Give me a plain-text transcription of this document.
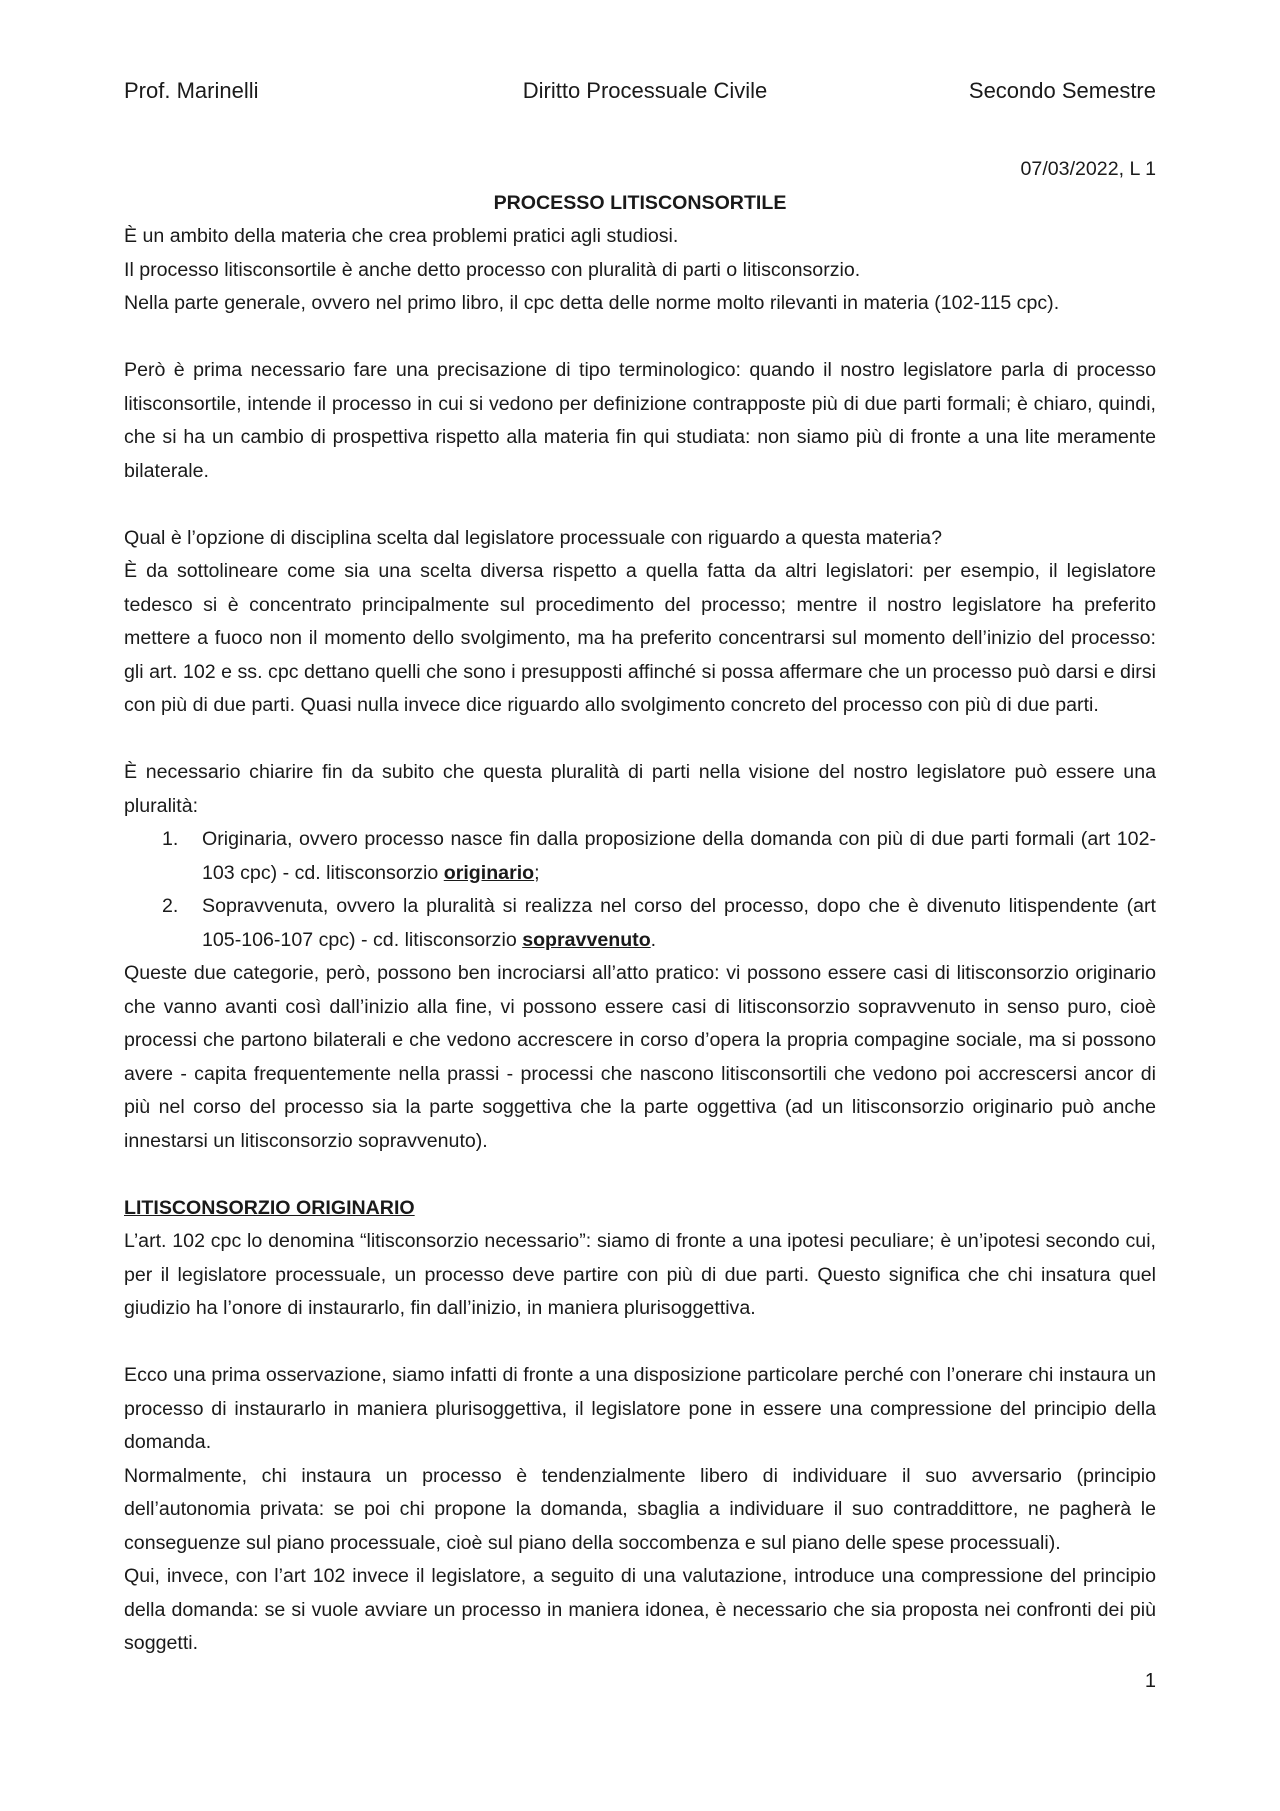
Prof. Marinelli	Diritto Processuale Civile	Secondo Semestre

07/03/2022, L 1

PROCESSO LITISCONSORTILE

È un ambito della materia che crea problemi pratici agli studiosi.

Il processo litisconsortile è anche detto processo con pluralità di parti o litisconsorzio.

Nella parte generale, ovvero nel primo libro, il cpc detta delle norme molto rilevanti in materia (102-115 cpc).

Però è prima necessario fare una precisazione di tipo terminologico: quando il nostro legislatore parla di processo litisconsortile, intende il processo in cui si vedono per definizione contrapposte più di due parti formali; è chiaro, quindi, che si ha un cambio di prospettiva rispetto alla materia fin qui studiata: non siamo più di fronte a una lite meramente bilaterale.

Qual è l’opzione di disciplina scelta dal legislatore processuale con riguardo a questa materia?

È da sottolineare come sia una scelta diversa rispetto a quella fatta da altri legislatori: per esempio, il legislatore tedesco si è concentrato principalmente sul procedimento del processo; mentre il nostro legislatore ha preferito mettere a fuoco non il momento dello svolgimento, ma ha preferito concentrarsi sul momento dell’inizio del processo: gli art. 102 e ss. cpc dettano quelli che sono i presupposti affinché si possa affermare che un processo può darsi e dirsi con più di due parti. Quasi nulla invece dice riguardo allo svolgimento concreto del processo con più di due parti.

È necessario chiarire fin da subito che questa pluralità di parti nella visione del nostro legislatore può essere una pluralità:

1. Originaria, ovvero processo nasce fin dalla proposizione della domanda con più di due parti formali (art 102-103 cpc) - cd. litisconsorzio originario;
2. Sopravvenuta, ovvero la pluralità si realizza nel corso del processo, dopo che è divenuto litispendente (art 105-106-107 cpc) - cd. litisconsorzio sopravvenuto.

Queste due categorie, però, possono ben incrociarsi all’atto pratico: vi possono essere casi di litisconsorzio originario che vanno avanti così dall’inizio alla fine, vi possono essere casi di litisconsorzio sopravvenuto in senso puro, cioè processi che partono bilaterali e che vedono accrescere in corso d’opera la propria compagine sociale, ma si possono avere - capita frequentemente nella prassi - processi che nascono litisconsortili che vedono poi accrescersi ancor di più nel corso del processo sia la parte soggettiva che la parte oggettiva (ad un litisconsorzio originario può anche innestarsi un litisconsorzio sopravvenuto).

LITISCONSORZIO ORIGINARIO

L’art. 102 cpc lo denomina “litisconsorzio necessario”: siamo di fronte a una ipotesi peculiare; è un’ipotesi secondo cui, per il legislatore processuale, un processo deve partire con più di due parti. Questo significa che chi insatura quel giudizio ha l’onore di instaurarlo, fin dall’inizio, in maniera plurisoggettiva.

Ecco una prima osservazione, siamo infatti di fronte a una disposizione particolare perché con l’onerare chi instaura un processo di instaurarlo in maniera plurisoggettiva, il legislatore pone in essere una compressione del principio della domanda.

Normalmente, chi instaura un processo è tendenzialmente libero di individuare il suo avversario (principio dell’autonomia privata: se poi chi propone la domanda, sbaglia a individuare il suo contraddittore, ne pagherà le conseguenze sul piano processuale, cioè sul piano della soccombenza e sul piano delle spese processuali).

Qui, invece, con l’art 102 invece il legislatore, a seguito di una valutazione, introduce una compressione del principio della domanda: se si vuole avviare un processo in maniera idonea, è necessario che sia proposta nei confronti dei più soggetti.

1
